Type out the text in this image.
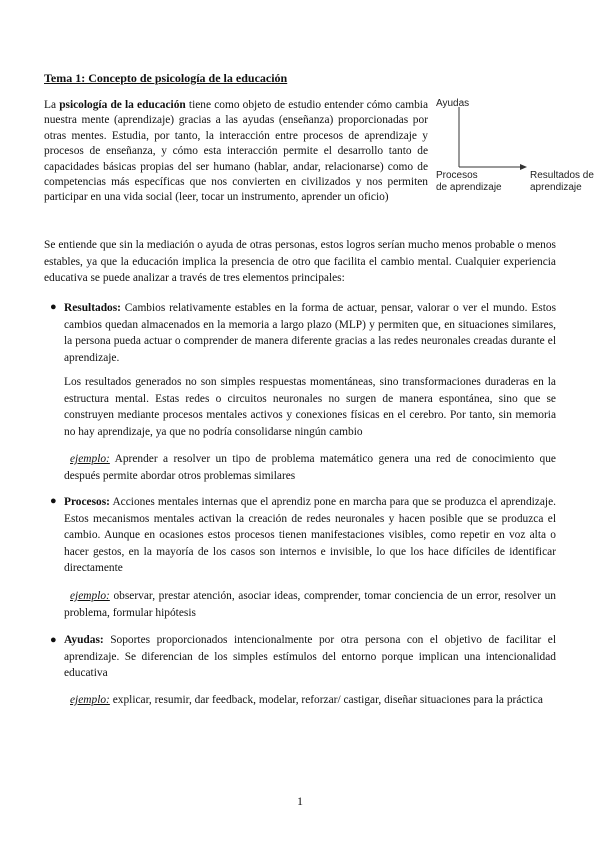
Tema 1: Concepto de psicología de la educación
La psicología de la educación tiene como objeto de estudio entender cómo cambia nuestra mente (aprendizaje) gracias a las ayudas (enseñanza) proporcionadas por otras mentes. Estudia, por tanto, la interacción entre procesos de aprendizaje y procesos de enseñanza, y cómo esta interacción permite el desarrollo tanto de capacidades básicas propias del ser humano (hablar, andar, relacionarse) como de competencias más específicas que nos convierten en civilizados y nos permiten participar en una vida social (leer, tocar un instrumento, aprender un oficio)
Ayudas
Procesos
de aprendizaje
Resultados de
aprendizaje
Se entiende que sin la mediación o ayuda de otras personas, estos logros serían mucho menos probable o menos estables, ya que la educación implica la presencia de otro que facilita el cambio mental. Cualquier experiencia educativa se puede analizar a través de tres elementos principales:
● Resultados: Cambios relativamente estables en la forma de actuar, pensar, valorar o ver el mundo. Estos cambios quedan almacenados en la memoria a largo plazo (MLP) y permiten que, en situaciones similares, la persona pueda actuar o comprender de manera diferente gracias a las redes neuronales creadas durante el aprendizaje.
Los resultados generados no son simples respuestas momentáneas, sino transformaciones duraderas en la estructura mental. Estas redes o circuitos neuronales no surgen de manera espontánea, sino que se construyen mediante procesos mentales activos y conexiones físicas en el cerebro. Por tanto, sin memoria no hay aprendizaje, ya que no podría consolidarse ningún cambio
ejemplo: Aprender a resolver un tipo de problema matemático genera una red de conocimiento que después permite abordar otros problemas similares
● Procesos: Acciones mentales internas que el aprendiz pone en marcha para que se produzca el aprendizaje. Estos mecanismos mentales activan la creación de redes neuronales y hacen posible que se produzca el cambio. Aunque en ocasiones estos procesos tienen manifestaciones visibles, como repetir en voz alta o hacer gestos, en la mayoría de los casos son internos e invisible, lo que los hace difíciles de identificar directamente
ejemplo: observar, prestar atención, asociar ideas, comprender, tomar conciencia de un error, resolver un problema, formular hipótesis
● Ayudas: Soportes proporcionados intencionalmente por otra persona con el objetivo de facilitar el aprendizaje. Se diferencian de los simples estímulos del entorno porque implican una intencionalidad educativa
ejemplo: explicar, resumir, dar feedback, modelar, reforzar/ castigar, diseñar situaciones para la práctica
1
